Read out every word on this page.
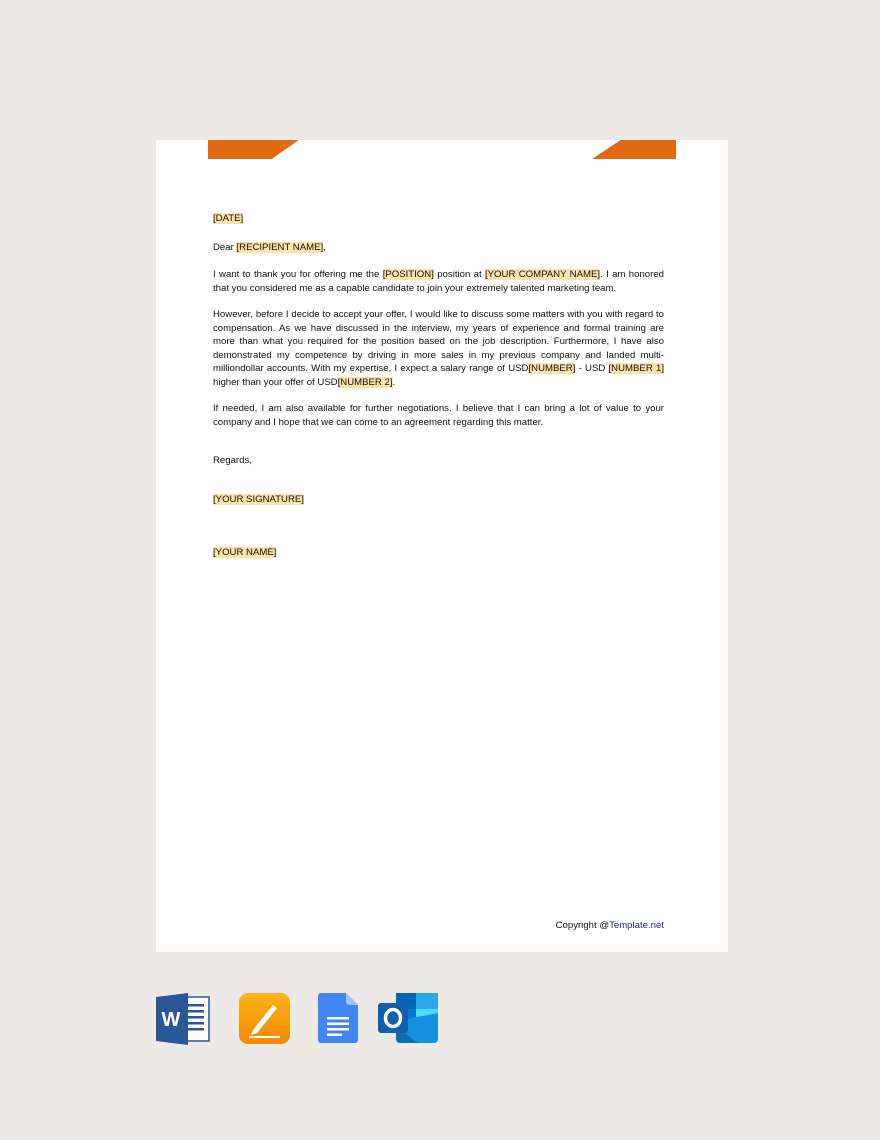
[DATE]

Dear [RECIPIENT NAME],

I want to thank you for offering me the [POSITION] position at [YOUR COMPANY NAME]. I am honored that you considered me as a capable candidate to join your extremely talented marketing team.

However, before I decide to accept your offer, I would like to discuss some matters with you with regard to compensation. As we have discussed in the interview, my years of experience and formal training are more than what you required for the position based on the job description. Furthermore, I have also demonstrated my competence by driving in more sales in my previous company and landed multi-milliondollar accounts. With my expertise, I expect a salary range of USD[NUMBER] - USD [NUMBER 1] higher than your offer of USD[NUMBER 2].

If needed, I am also available for further negotiations. I believe that I can bring a lot of value to your company and I hope that we can come to an agreement regarding this matter.

Regards,

[YOUR SIGNATURE]

[YOUR NAME]

Copyright @Template.net
W
